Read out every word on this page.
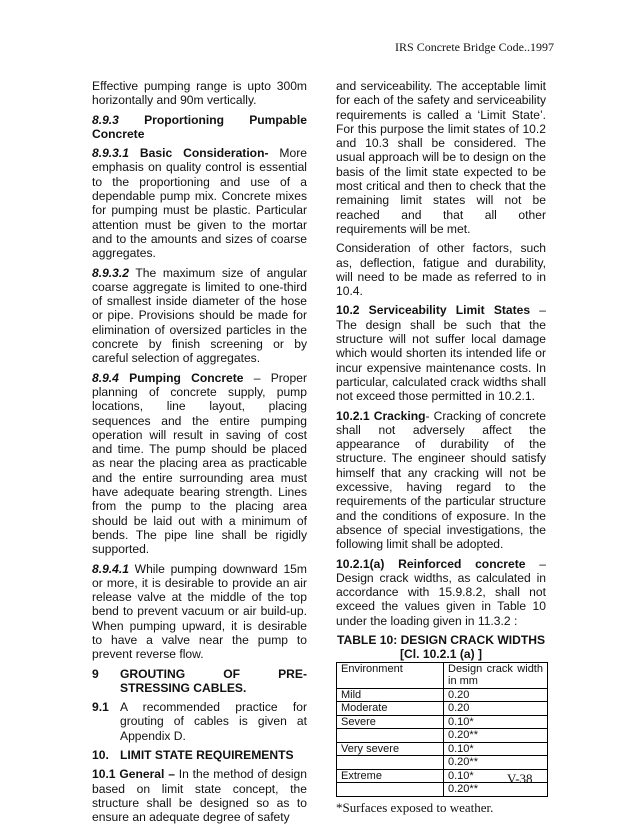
IRS Concrete Bridge Code..1997

Effective pumping range is upto 300m horizontally and 90m vertically.

8.9.3 Proportioning Pumpable Concrete

8.9.3.1 Basic Consideration- More emphasis on quality control is essential to the proportioning and use of a dependable pump mix. Concrete mixes for pumping must be plastic. Particular attention must be given to the mortar and to the amounts and sizes of coarse aggregates.

8.9.3.2 The maximum size of angular coarse aggregate is limited to one-third of smallest inside diameter of the hose or pipe. Provisions should be made for elimination of oversized particles in the concrete by finish screening or by careful selection of aggregates.

8.9.4 Pumping Concrete – Proper planning of concrete supply, pump locations, line layout, placing sequences and the entire pumping operation will result in saving of cost and time. The pump should be placed as near the placing area as practicable and the entire surrounding area must have adequate bearing strength. Lines from the pump to the placing area should be laid out with a minimum of bends. The pipe line shall be rigidly supported.

8.9.4.1 While pumping downward 15m or more, it is desirable to provide an air release valve at the middle of the top bend to prevent vacuum or air build-up. When pumping upward, it is desirable to have a valve near the pump to prevent reverse flow.

9	GROUTING OF PRE-STRESSING CABLES.
9.1 A recommended practice for grouting of cables is given at Appendix D.
10. LIMIT STATE REQUIREMENTS

10.1 General – In the method of design based on limit state concept, the structure shall be designed so as to ensure an adequate degree of safety

and serviceability. The acceptable limit for each of the safety and serviceability requirements is called a ‘Limit State’. For this purpose the limit states of 10.2 and 10.3 shall be considered. The usual approach will be to design on the basis of the limit state expected to be most critical and then to check that the remaining limit states will not be reached and that all other requirements will be met.

Consideration of other factors, such as, deflection, fatigue and durability, will need to be made as referred to in 10.4.

10.2 Serviceability Limit States – The design shall be such that the structure will not suffer local damage which would shorten its intended life or incur expensive maintenance costs. In particular, calculated crack widths shall not exceed those permitted in 10.2.1.

10.2.1 Cracking- Cracking of concrete shall not adversely affect the appearance of durability of the structure. The engineer should satisfy himself that any cracking will not be excessive, having regard to the requirements of the particular structure and the conditions of exposure. In the absence of special investigations, the following limit shall be adopted.

10.2.1(a) Reinforced concrete – Design crack widths, as calculated in accordance with 15.9.8.2, shall not exceed the values given in Table 10 under the loading given in 11.3.2 :

TABLE 10: DESIGN CRACK WIDTHS
[Cl. 10.2.1 (a) ]
Environment	Design crack width in mm
Mild	0.20
Moderate	0.20
Severe	0.10*
	0.20**
Very severe	0.10*
	0.20**
Extreme	0.10*
	0.20**
*Surfaces exposed to weather.
V-38
